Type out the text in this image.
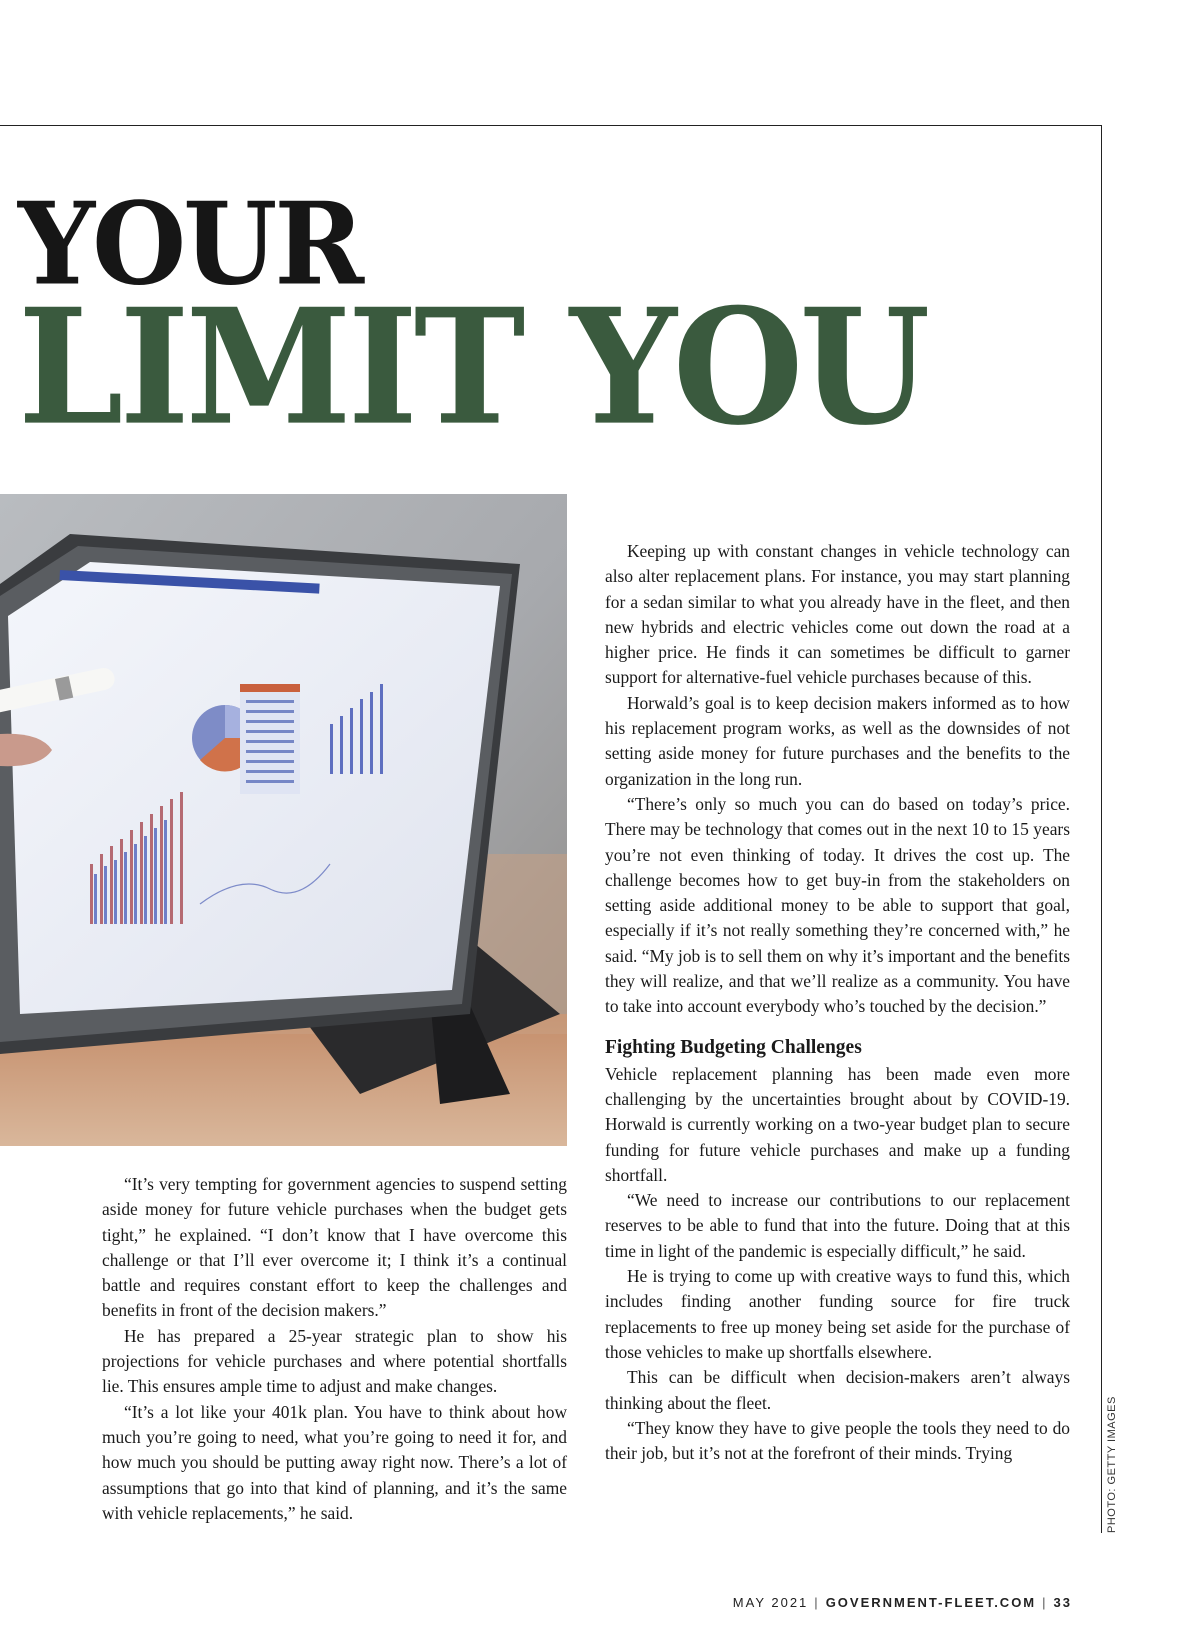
YOUR
LIMIT YOU

“It’s very tempting for government agencies to suspend setting aside money for future vehicle purchases when the budget gets tight,” he explained. “I don’t know that I have overcome this challenge or that I’ll ever overcome it; I think it’s a continual battle and requires constant effort to keep the challenges and benefits in front of the decision makers.”

He has prepared a 25-year strategic plan to show his projections for vehicle purchases and where potential shortfalls lie. This ensures ample time to adjust and make changes.

“It’s a lot like your 401k plan. You have to think about how much you’re going to need, what you’re going to need it for, and how much you should be putting away right now. There’s a lot of assumptions that go into that kind of planning, and it’s the same with vehicle replacements,” he said.

Keeping up with constant changes in vehicle technology can also alter replacement plans. For instance, you may start planning for a sedan similar to what you already have in the fleet, and then new hybrids and electric vehicles come out down the road at a higher price. He finds it can sometimes be difficult to garner support for alternative-fuel vehicle purchases because of this.

Horwald’s goal is to keep decision makers informed as to how his replacement program works, as well as the downsides of not setting aside money for future purchases and the benefits to the organization in the long run.

“There’s only so much you can do based on today’s price. There may be technology that comes out in the next 10 to 15 years you’re not even thinking of today. It drives the cost up. The challenge becomes how to get buy-in from the stakeholders on setting aside additional money to be able to support that goal, especially if it’s not really something they’re concerned with,” he said. “My job is to sell them on why it’s important and the benefits they will realize, and that we’ll realize as a community. You have to take into account everybody who’s touched by the decision.”

Fighting Budgeting Challenges

Vehicle replacement planning has been made even more challenging by the uncertainties brought about by COVID-19. Horwald is currently working on a two-year budget plan to secure funding for future vehicle purchases and make up a funding shortfall.

“We need to increase our contributions to our replacement reserves to be able to fund that into the future. Doing that at this time in light of the pandemic is especially difficult,” he said.

He is trying to come up with creative ways to fund this, which includes finding another funding source for fire truck replacements to free up money being set aside for the purchase of those vehicles to make up shortfalls elsewhere.

This can be difficult when decision-makers aren’t always thinking about the fleet.

“They know they have to give people the tools they need to do their job, but it’s not at the forefront of their minds. Trying	PHOTO: GETTY IMAGES
MAY 2021 | GOVERNMENT-FLEET.COM | 33
